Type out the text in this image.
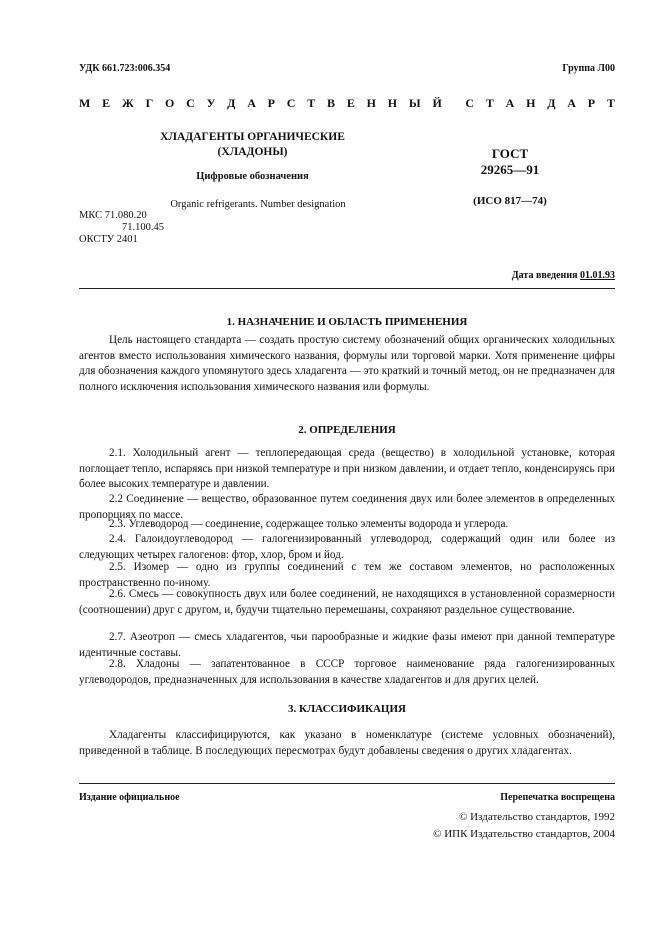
УДК 661.723:006.354	Группа Л00
М Е Ж Г О С У Д А Р С Т В Е Н Н Ы Й С Т А Н Д А Р Т
ХЛАДАГЕНТЫ ОРГАНИЧЕСКИЕ
(ХЛАДОНЫ)
Цифровые обозначения
Organic refrigerants. Number designation
ГОСТ
29265—91
(ИСО 817—74)
МКС 71.080.20
71.100.45
ОКСТУ 2401
Дата введения 01.01.93
1. НАЗНАЧЕНИЕ И ОБЛАСТЬ ПРИМЕНЕНИЯ
Цель настоящего стандарта — создать простую систему обозначений общих органических холодильных агентов вместо использования химического названия, формулы или торговой марки. Хотя применение цифры для обозначения каждого упомянутого здесь хладагента — это краткий и точный метод, он не предназначен для полного исключения использования химического названия или формулы.
2. ОПРЕДЕЛЕНИЯ
2.1. Холодильный агент — теплопередающая среда (вещество) в холодильной установке, которая поглощает тепло, испаряясь при низкой температуре и при низком давлении, и отдает тепло, конденсируясь при более высоких температуре и давлении.
2.2 Соединение — вещество, образованное путем соединения двух или более элементов в определенных пропорциях по массе.
2.3. Углеводород — соединение, содержащее только элементы водорода и углерода.
2.4. Галоидоуглеводород — галогенизированный углеводород, содержащий один или более из следующих четырех галогенов: фтор, хлор, бром и йод.
2.5. Изомер — одно из группы соединений с тем же составом элементов, но расположенных пространственно по-иному.
2.6. Смесь — совокупность двух или более соединений, не находящихся в установленной соразмерности (соотношении) друг с другом, и, будучи тщательно перемешаны, сохраняют раздельное существование.
2.7. Азеотроп — смесь хладагентов, чьи парообразные и жидкие фазы имеют при данной температуре идентичные составы.
2.8. Хладоны — запатентованное в СССР торговое наименование ряда галогенизированных углеводородов, предназначенных для использования в качестве хладагентов и для других целей.
3. КЛАССИФИКАЦИЯ
Хладагенты классифицируются, как указано в номенклатуре (системе условных обозначений), приведенной в таблице. В последующих пересмотрах будут добавлены сведения о других хладагентах.
Издание официальное	Перепечатка воспрещена
© Издательство стандартов, 1992
© ИПК Издательство стандартов, 2004
